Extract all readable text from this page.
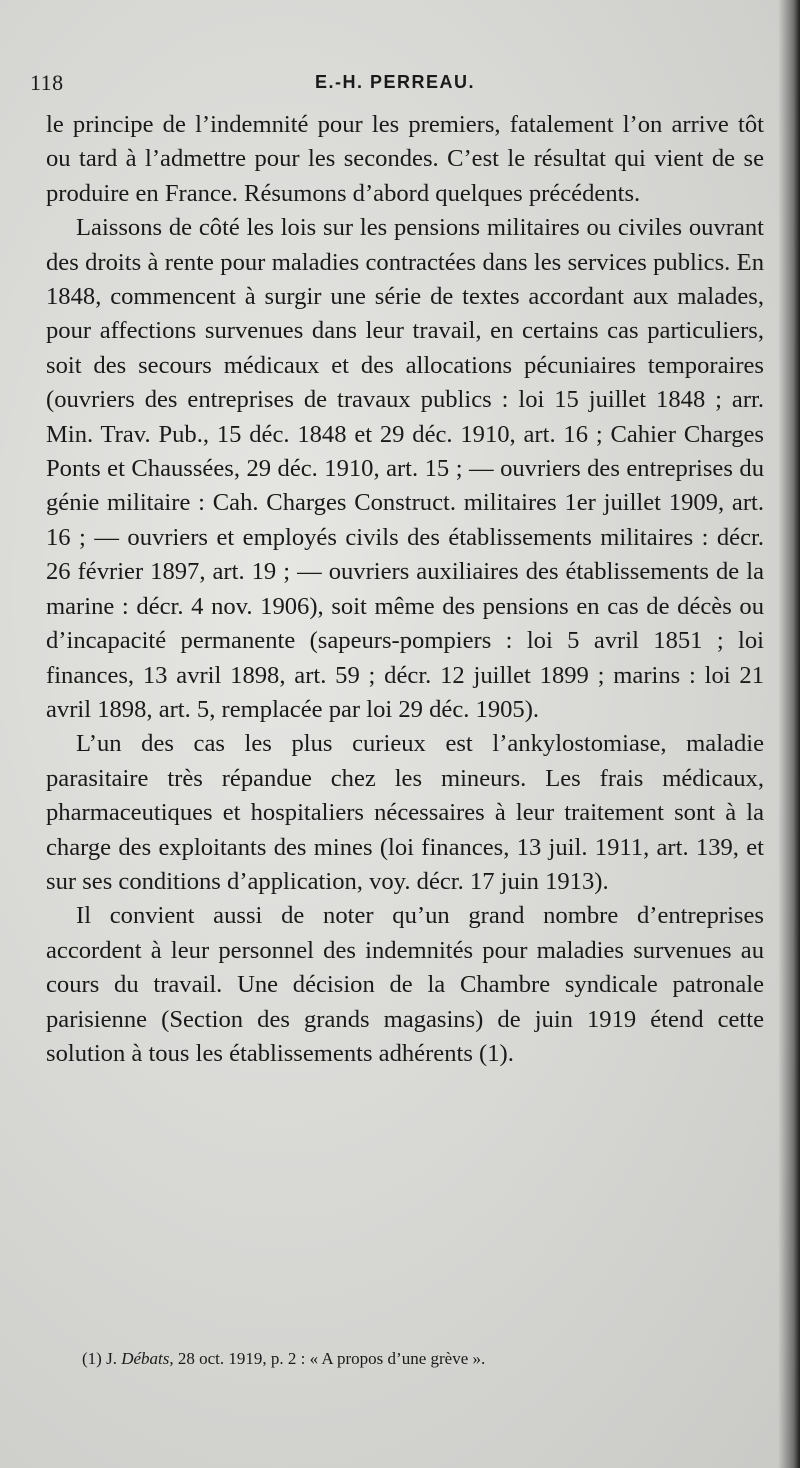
118	E.-H. PERREAU.

le principe de l’indemnité pour les premiers, fatalement l’on arrive tôt ou tard à l’admettre pour les secondes. C’est le résultat qui vient de se produire en France. Résumons d’abord quelques précédents.

Laissons de côté les lois sur les pensions militaires ou civiles ouvrant des droits à rente pour maladies contractées dans les services publics. En 1848, commencent à surgir une série de textes accordant aux malades, pour affections survenues dans leur travail, en certains cas particuliers, soit des secours médicaux et des allocations pécuniaires temporaires (ouvriers des entreprises de travaux publics : loi 15 juillet 1848 ; arr. Min. Trav. Pub., 15 déc. 1848 et 29 déc. 1910, art. 16 ; Cahier Charges Ponts et Chaussées, 29 déc. 1910, art. 15 ; — ouvriers des entreprises du génie militaire : Cah. Charges Construct. militaires 1er juillet 1909, art. 16 ; — ouvriers et employés civils des établissements militaires : décr. 26 février 1897, art. 19 ; — ouvriers auxiliaires des établissements de la marine : décr. 4 nov. 1906), soit même des pensions en cas de décès ou d’incapacité permanente (sapeurs-pompiers : loi 5 avril 1851 ; loi finances, 13 avril 1898, art. 59 ; décr. 12 juillet 1899 ; marins : loi 21 avril 1898, art. 5, remplacée par loi 29 déc. 1905).

L’un des cas les plus curieux est l’ankylostomiase, maladie parasitaire très répandue chez les mineurs. Les frais médicaux, pharmaceutiques et hospitaliers nécessaires à leur traitement sont à la charge des exploitants des mines (loi finances, 13 juil. 1911, art. 139, et sur ses conditions d’application, voy. décr. 17 juin 1913).

Il convient aussi de noter qu’un grand nombre d’entreprises accordent à leur personnel des indemnités pour maladies survenues au cours du travail. Une décision de la Chambre syndicale patronale parisienne (Section des grands magasins) de juin 1919 étend cette solution à tous les établissements adhérents (1).

(1) J. Débats, 28 oct. 1919, p. 2 : « A propos d’une grève ».
